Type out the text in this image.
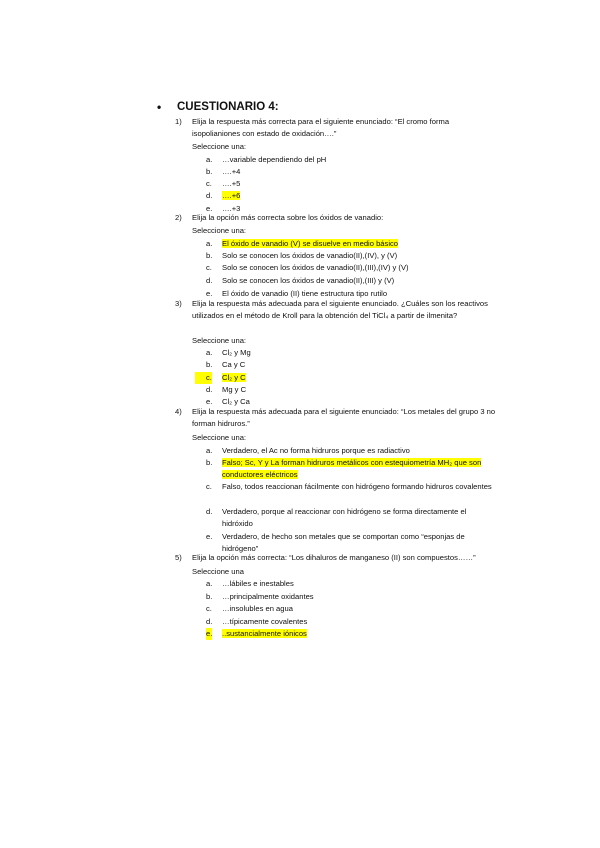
• CUESTIONARIO 4:
1) Elija la respuesta más correcta para el siguiente enunciado: “El cromo forma isopolianiones con estado de oxidación….”
Seleccione una:
a. …variable dependiendo del pH
b. ….+4
c. ….+5
d. ….+6
e. ….+3
2) Elija la opción más correcta sobre los óxidos de vanadio:
Seleccione una:
a. El óxido de vanadio (V) se disuelve en medio básico
b. Solo se conocen los óxidos de vanadio(II),(IV), y (V)
c. Solo se conocen los óxidos de vanadio(II),(III),(IV) y (V)
d. Solo se conocen los óxidos de vanadio(II),(III) y (V)
e. El óxido de vanadio (II) tiene estructura tipo rutilo
3) Elija la respuesta más adecuada para el siguiente enunciado. ¿Cuáles son los reactivos utilizados en el método de Kroll para la obtención del TiCl₄ a partir de ilmenita?
Seleccione una:
a. Cl₂ y Mg
b. Ca y C
c. Cl₂ y C
d. Mg y C
e. Cl₂ y Ca
4) Elija la respuesta más adecuada para el siguiente enunciado: “Los metales del grupo 3 no forman hidruros.”
Seleccione una:
a. Verdadero, el Ac no forma hidruros porque es radiactivo
b. Falso; Sc, Y y La forman hidruros metálicos con estequiometría MH₂ que son conductores eléctricos
c. Falso, todos reaccionan fácilmente con hidrógeno formando hidruros covalentes
d. Verdadero, porque al reaccionar con hidrógeno se forma directamente el hidróxido
e. Verdadero, de hecho son metales que se comportan como “esponjas de hidrógeno”
5) Elija la opción más correcta: “Los dihaluros de manganeso (II) son compuestos……”
Seleccione una
a. …lábiles e inestables
b. …principalmente oxidantes
c. …insolubles en agua
d. …típicamente covalentes
e. ..sustancialmente iónicos
